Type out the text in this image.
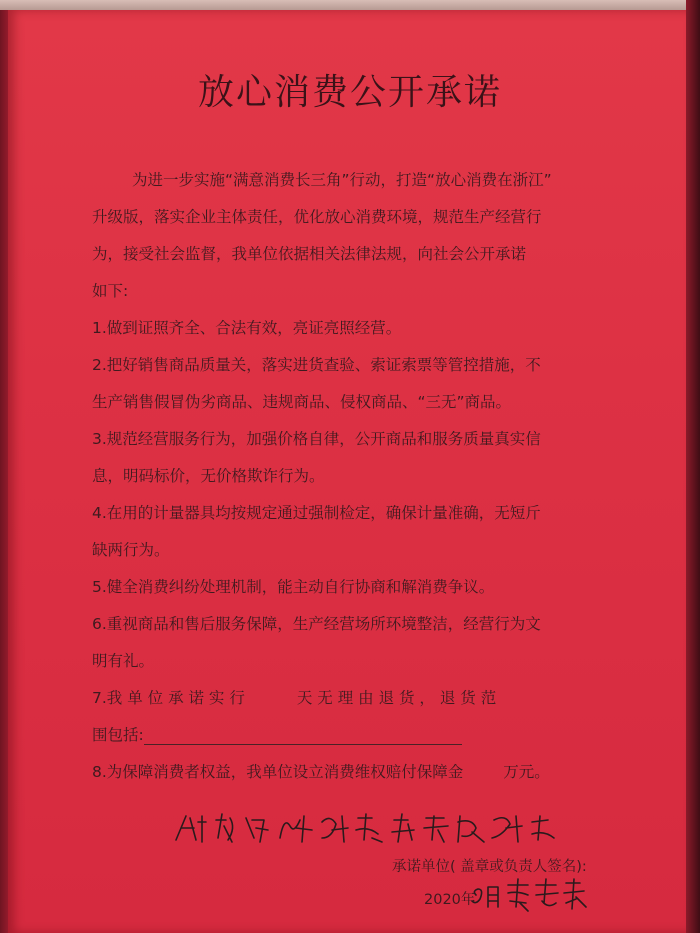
放心消费公开承诺
为进一步实施“满意消费长三角”行动，打造“放心消费在浙江”
升级版，落实企业主体责任，优化放心消费环境，规范生产经营行
为，接受社会监督，我单位依据相关法律法规，向社会公开承诺
如下:
1.做到证照齐全、合法有效，亮证亮照经营。
2.把好销售商品质量关，落实进货查验、索证索票等管控措施，不
生产销售假冒伪劣商品、违规商品、侵权商品、“三无”商品。
3.规范经营服务行为，加强价格自律，公开商品和服务质量真实信
息，明码标价，无价格欺诈行为。
4.在用的计量器具均按规定通过强制检定，确保计量准确，无短斤
缺两行为。
5.健全消费纠纷处理机制，能主动自行协商和解消费争议。
6.重视商品和售后服务保障，生产经营场所环境整洁，经营行为文
明有礼。
7.我 单 位 承 诺 实 行	天 无 理 由 退 货 ， 退 货 范
围包括:
8.为保障消费者权益，我单位设立消费维权赔付保障金	万元。
承诺单位( 盖章或负责人签名):
2020年
